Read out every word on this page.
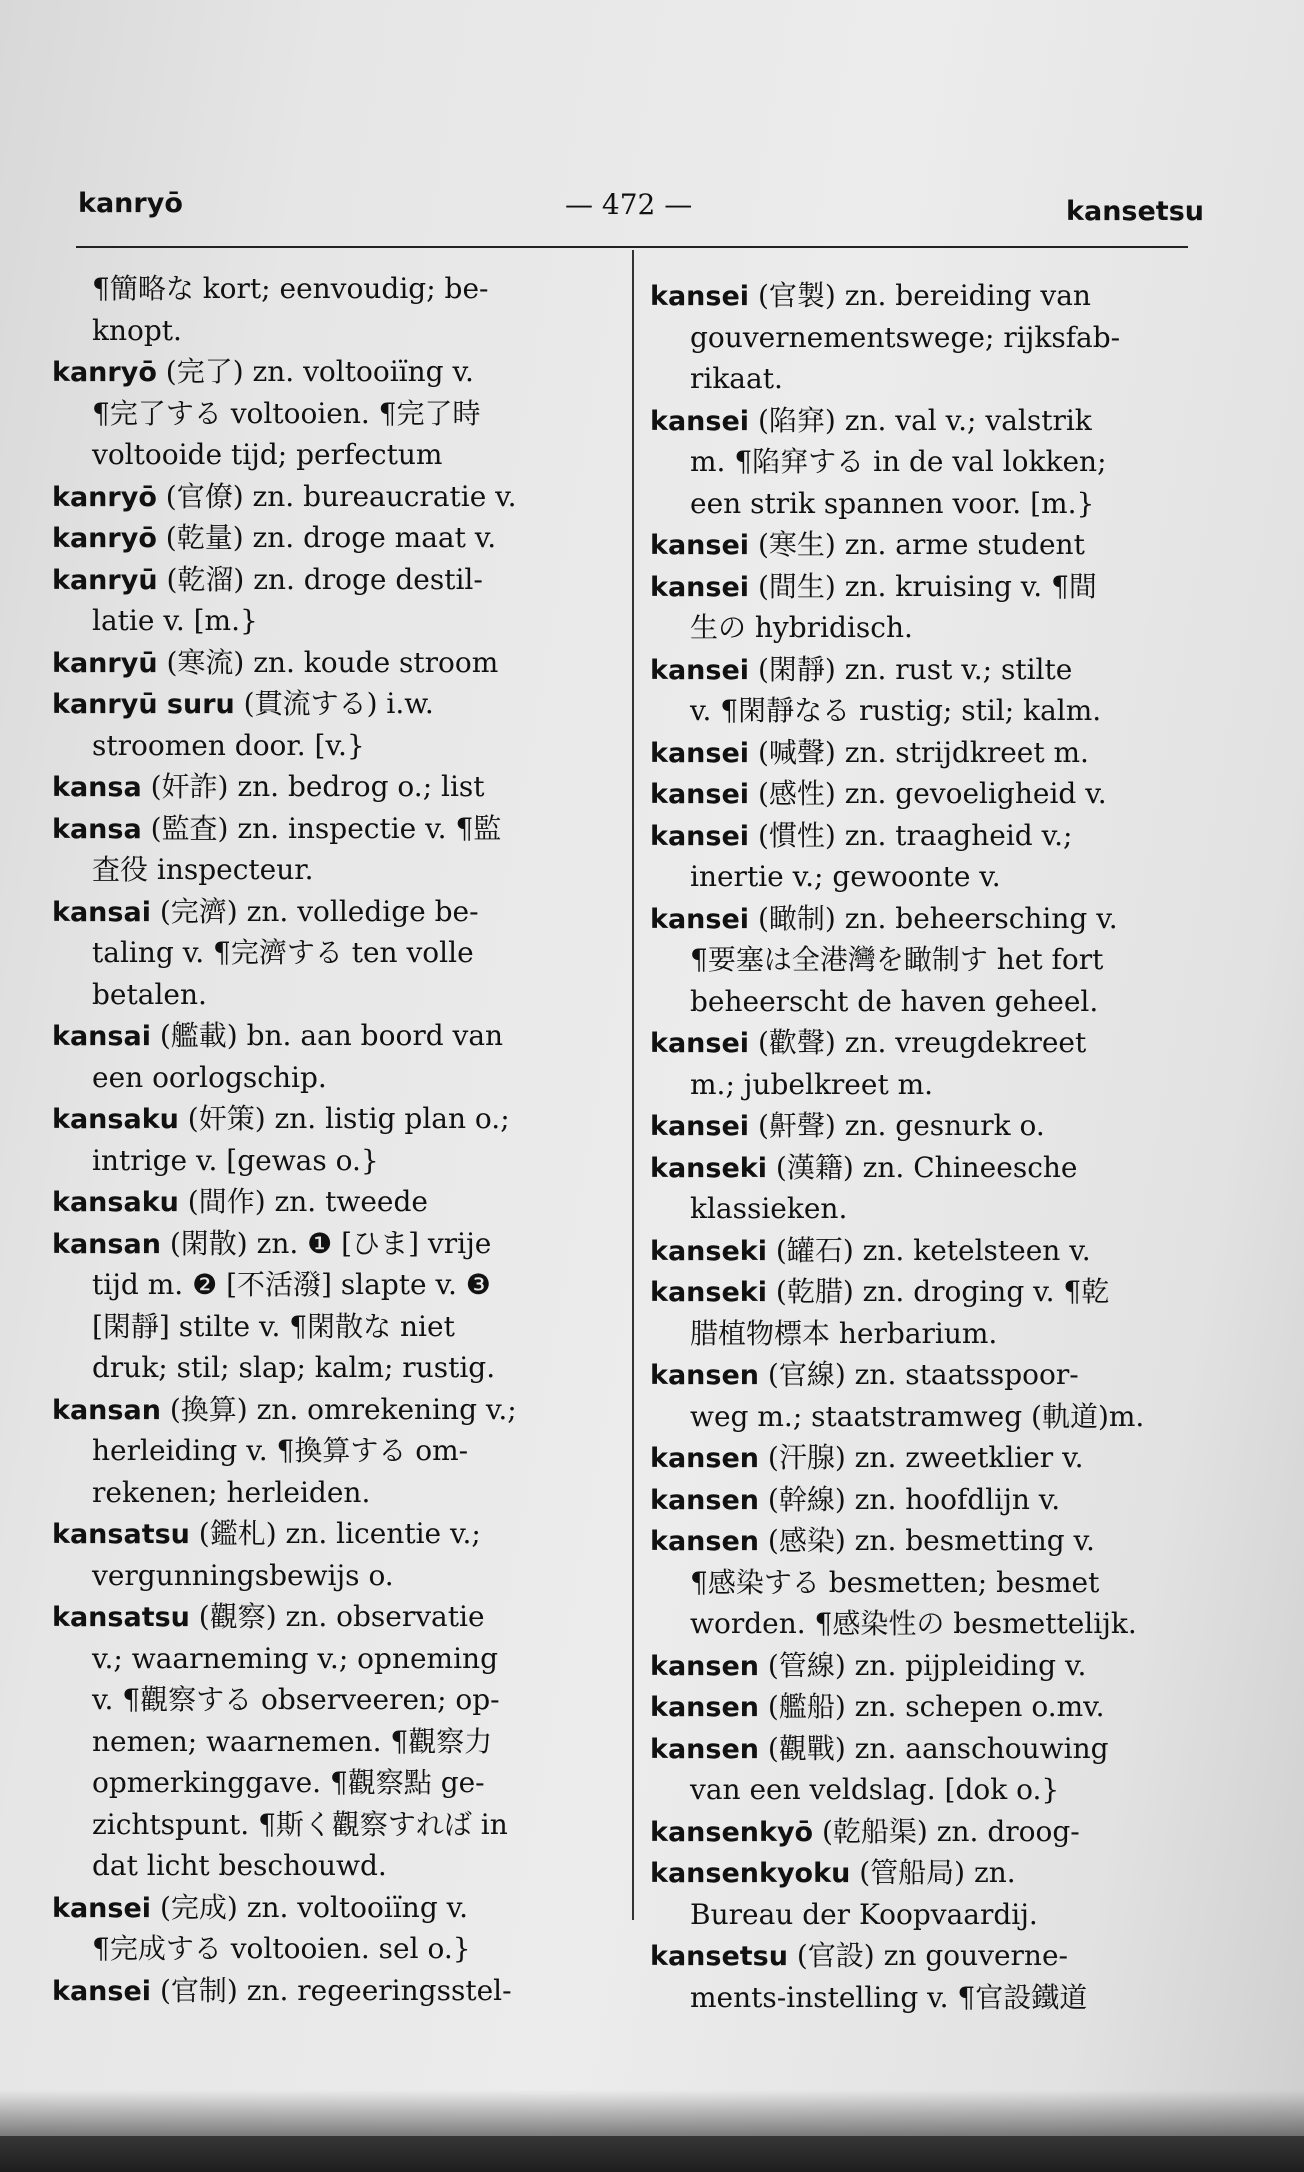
kanryō	— 472 —	kansetsu
¶簡略な kort; eenvoudig; be-
knopt.
kanryō (完了) zn. voltooiïng v.
¶完了する voltooien. ¶完了時
voltooide tijd; perfectum
kanryō (官僚) zn. bureaucratie v.
kanryō (乾量) zn. droge maat v.
kanryū (乾溜) zn. droge destil-
latie v. [m.}
kanryū (寒流) zn. koude stroom
kanryū suru (貫流する) i.w.
stroomen door. [v.}
kansa (奸詐) zn. bedrog o.; list
kansa (監査) zn. inspectie v. ¶監
査役 inspecteur.
kansai (完濟) zn. volledige be-
taling v. ¶完濟する ten volle
betalen.
kansai (艦載) bn. aan boord van
een oorlogschip.
kansaku (奸策) zn. listig plan o.;
intrige v. [gewas o.}
kansaku (間作) zn. tweede
kansan (閑散) zn. ❶ [ひま] vrije
tijd m. ❷ [不活潑] slapte v. ❸
[閑靜] stilte v. ¶閑散な niet
druk; stil; slap; kalm; rustig.
kansan (換算) zn. omrekening v.;
herleiding v. ¶換算する om-
rekenen; herleiden.
kansatsu (鑑札) zn. licentie v.;
vergunningsbewijs o.
kansatsu (觀察) zn. observatie
v.; waarneming v.; opneming
v. ¶觀察する observeeren; op-
nemen; waarnemen. ¶觀察力
opmerkinggave. ¶觀察點 ge-
zichtspunt. ¶斯く觀察すれば in
dat licht beschouwd.
kansei (完成) zn. voltooiïng v.
¶完成する voltooien. sel o.}
kansei (官制) zn. regeeringsstel-
kansei (官製) zn. bereiding van
gouvernementswege; rijksfab-
rikaat.
kansei (陷穽) zn. val v.; valstrik
m. ¶陷穽する in de val lokken;
een strik spannen voor. [m.}
kansei (寒生) zn. arme student
kansei (間生) zn. kruising v. ¶間
生の hybridisch.
kansei (閑靜) zn. rust v.; stilte
v. ¶閑靜なる rustig; stil; kalm.
kansei (喊聲) zn. strijdkreet m.
kansei (感性) zn. gevoeligheid v.
kansei (慣性) zn. traagheid v.;
inertie v.; gewoonte v.
kansei (瞰制) zn. beheersching v.
¶要塞は全港灣を瞰制す het fort
beheerscht de haven geheel.
kansei (歡聲) zn. vreugdekreet
m.; jubelkreet m.
kansei (鼾聲) zn. gesnurk o.
kanseki (漢籍) zn. Chineesche
klassieken.
kanseki (罐石) zn. ketelsteen v.
kanseki (乾腊) zn. droging v. ¶乾
腊植物標本 herbarium.
kansen (官線) zn. staatsspoor-
weg m.; staatstramweg (軌道)m.
kansen (汗腺) zn. zweetklier v.
kansen (幹線) zn. hoofdlijn v.
kansen (感染) zn. besmetting v.
¶感染する besmetten; besmet
worden. ¶感染性の besmettelijk.
kansen (管線) zn. pijpleiding v.
kansen (艦船) zn. schepen o.mv.
kansen (觀戰) zn. aanschouwing
van een veldslag. [dok o.}
kansenkyō (乾船渠) zn. droog-
kansenkyoku (管船局) zn.
Bureau der Koopvaardij.
kansetsu (官設) zn gouverne-
ments-instelling v. ¶官設鐵道
